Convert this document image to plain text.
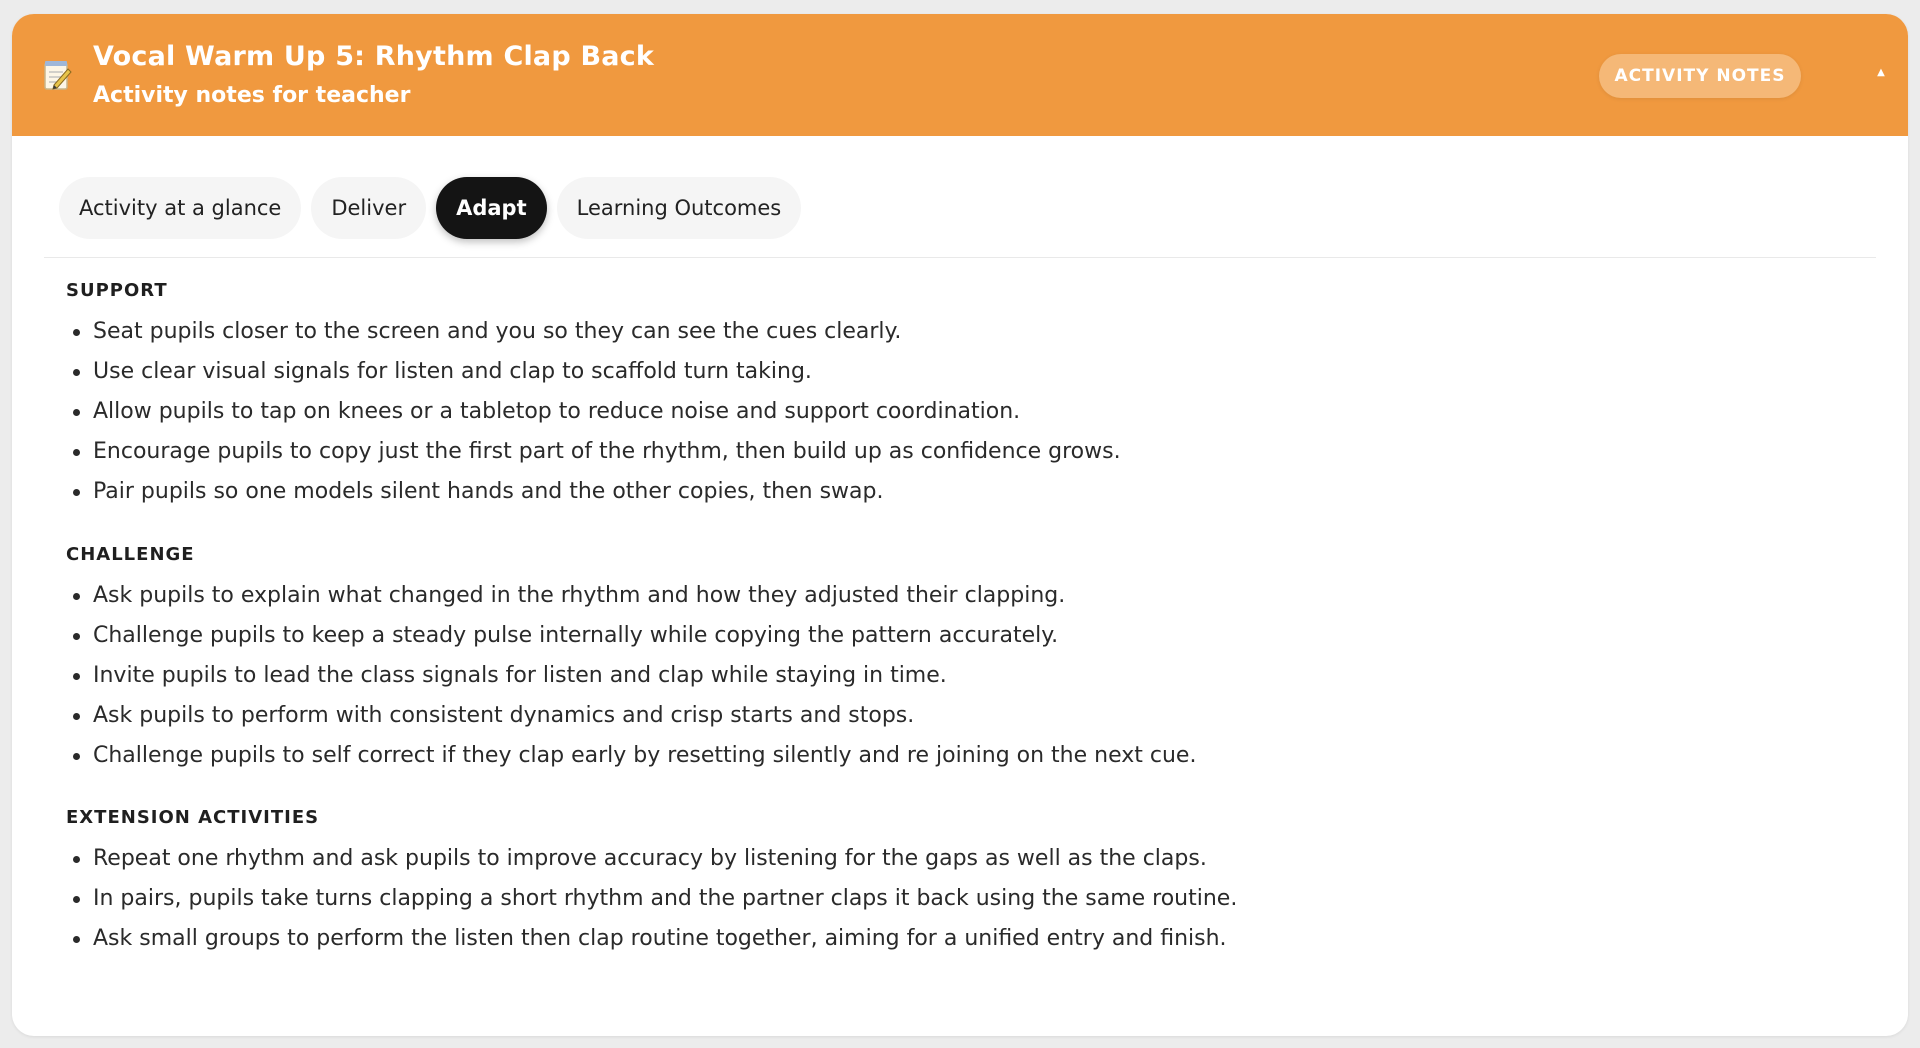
Vocal Warm Up 5: Rhythm Clap Back
Activity notes for teacher
ACTIVITY NOTES	▲
Activity at a glance	Deliver	Adapt	Learning Outcomes
SUPPORT
Seat pupils closer to the screen and you so they can see the cues clearly.
Use clear visual signals for listen and clap to scaffold turn taking.
Allow pupils to tap on knees or a tabletop to reduce noise and support coordination.
Encourage pupils to copy just the first part of the rhythm, then build up as confidence grows.
Pair pupils so one models silent hands and the other copies, then swap.
CHALLENGE
Ask pupils to explain what changed in the rhythm and how they adjusted their clapping.
Challenge pupils to keep a steady pulse internally while copying the pattern accurately.
Invite pupils to lead the class signals for listen and clap while staying in time.
Ask pupils to perform with consistent dynamics and crisp starts and stops.
Challenge pupils to self correct if they clap early by resetting silently and re joining on the next cue.
EXTENSION ACTIVITIES
Repeat one rhythm and ask pupils to improve accuracy by listening for the gaps as well as the claps.
In pairs, pupils take turns clapping a short rhythm and the partner claps it back using the same routine.
Ask small groups to perform the listen then clap routine together, aiming for a unified entry and finish.
